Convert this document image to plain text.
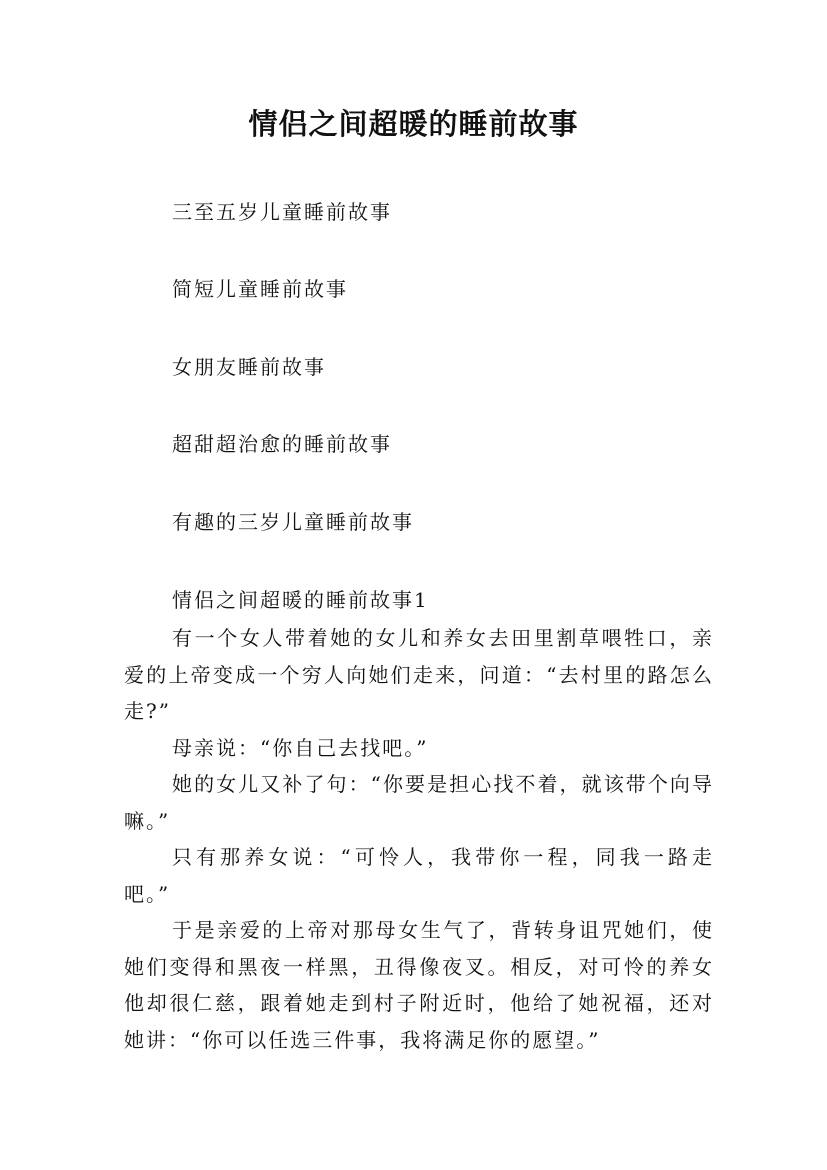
情侣之间超暖的睡前故事

三至五岁儿童睡前故事

简短儿童睡前故事

女朋友睡前故事

超甜超治愈的睡前故事

有趣的三岁儿童睡前故事

情侣之间超暖的睡前故事1

有一个女人带着她的女儿和养女去田里割草喂牲口，亲爱的上帝变成一个穷人向她们走来，问道：“去村里的路怎么走?”

母亲说：“你自己去找吧。”

她的女儿又补了句：“你要是担心找不着，就该带个向导嘛。”

只有那养女说：“可怜人，我带你一程，同我一路走吧。”

于是亲爱的上帝对那母女生气了，背转身诅咒她们，使她们变得和黑夜一样黑，丑得像夜叉。相反，对可怜的养女他却很仁慈，跟着她走到村子附近时，他给了她祝福，还对她讲：“你可以任选三件事，我将满足你的愿望。”
